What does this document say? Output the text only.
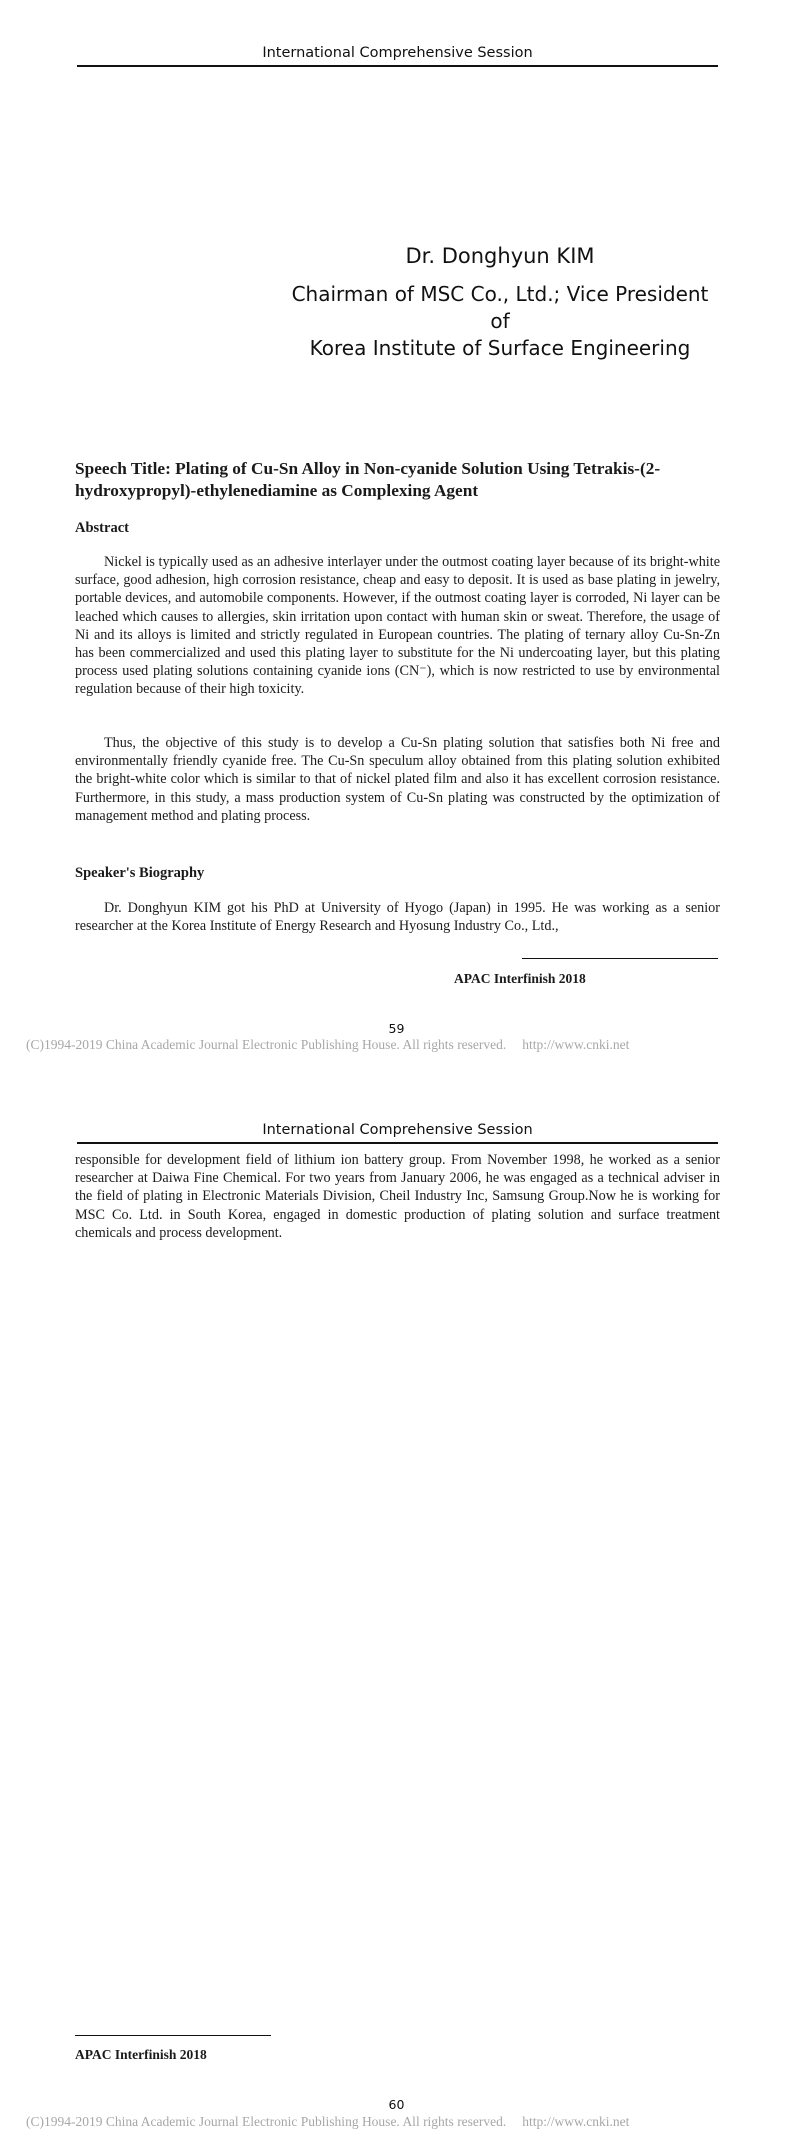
International Comprehensive Session

Dr. Donghyun KIM

Chairman of MSC Co., Ltd.; Vice President of

Korea Institute of Surface Engineering

Speech Title: Plating of Cu-Sn Alloy in Non-cyanide Solution Using Tetrakis-(2-hydroxypropyl)-ethylenediamine as Complexing Agent
Abstract

Nickel is typically used as an adhesive interlayer under the outmost coating layer because of its bright-white surface, good adhesion, high corrosion resistance, cheap and easy to deposit. It is used as base plating in jewelry, portable devices, and automobile components. However, if the outmost coating layer is corroded, Ni layer can be leached which causes to allergies, skin irritation upon contact with human skin or sweat. Therefore, the usage of Ni and its alloys is limited and strictly regulated in European countries. The plating of ternary alloy Cu-Sn-Zn has been commercialized and used this plating layer to substitute for the Ni undercoating layer, but this plating process used plating solutions containing cyanide ions (CN⁻), which is now restricted to use by environmental regulation because of their high toxicity.

Thus, the objective of this study is to develop a Cu-Sn plating solution that satisfies both Ni free and environmentally friendly cyanide free. The Cu-Sn speculum alloy obtained from this plating solution exhibited the bright-white color which is similar to that of nickel plated film and also it has excellent corrosion resistance. Furthermore, in this study, a mass production system of Cu-Sn plating was constructed by the optimization of management method and plating process.

Speaker's Biography

Dr. Donghyun KIM got his PhD at University of Hyogo (Japan) in 1995. He was working as a senior researcher at the Korea Institute of Energy Research and Hyosung Industry Co., Ltd.,

APAC Interfinish 2018
59
(C)1994-2019 China Academic Journal Electronic Publishing House. All rights reserved. http://www.cnki.net
International Comprehensive Session

responsible for development field of lithium ion battery group. From November 1998, he worked as a senior researcher at Daiwa Fine Chemical. For two years from January 2006, he was engaged as a technical adviser in the field of plating in Electronic Materials Division, Cheil Industry Inc, Samsung Group.Now he is working for MSC Co. Ltd. in South Korea, engaged in domestic production of plating solution and surface treatment chemicals and process development.

APAC Interfinish 2018
60
(C)1994-2019 China Academic Journal Electronic Publishing House. All rights reserved. http://www.cnki.net
